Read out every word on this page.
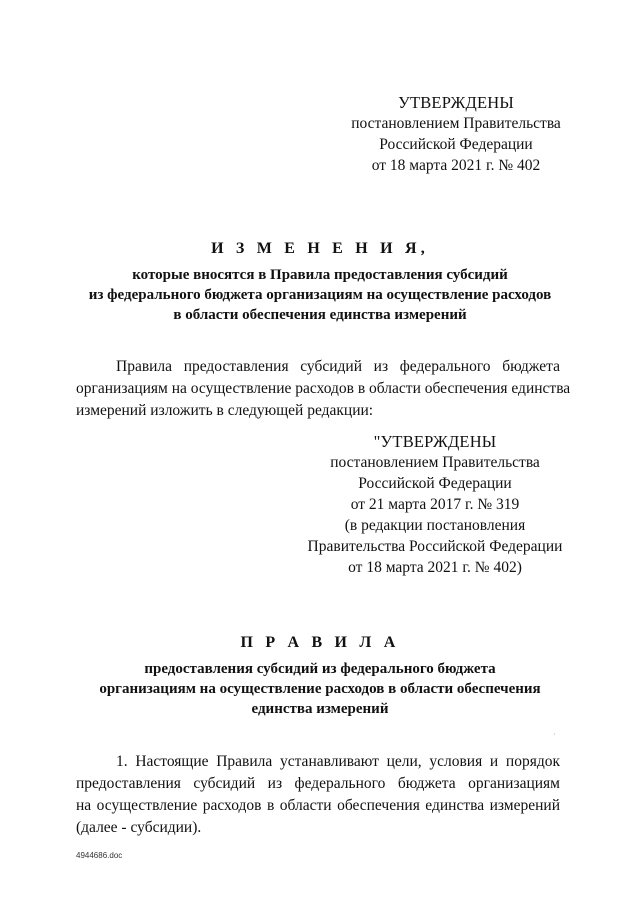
УТВЕРЖДЕНЫ
постановлением Правительства
Российской Федерации
от 18 марта 2021 г. № 402
И З М Е Н Е Н И Я,
которые вносятся в Правила предоставления субсидий
из федерального бюджета организациям на осуществление расходов
в области обеспечения единства измерений
Правила предоставления субсидий из федерального бюджета
организациям на осуществление расходов в области обеспечения единства
измерений изложить в следующей редакции:
"УТВЕРЖДЕНЫ
постановлением Правительства
Российской Федерации
от 21 марта 2017 г. № 319
(в редакции постановления
Правительства Российской Федерации
от 18 марта 2021 г. № 402)
П Р А В И Л А
предоставления субсидий из федерального бюджета
организациям на осуществление расходов в области обеспечения
единства измерений
·
1. Настоящие Правила устанавливают цели, условия и порядок
предоставления субсидий из федерального бюджета организациям
на осуществление расходов в области обеспечения единства измерений
(далее - субсидии).
4944686.doc
